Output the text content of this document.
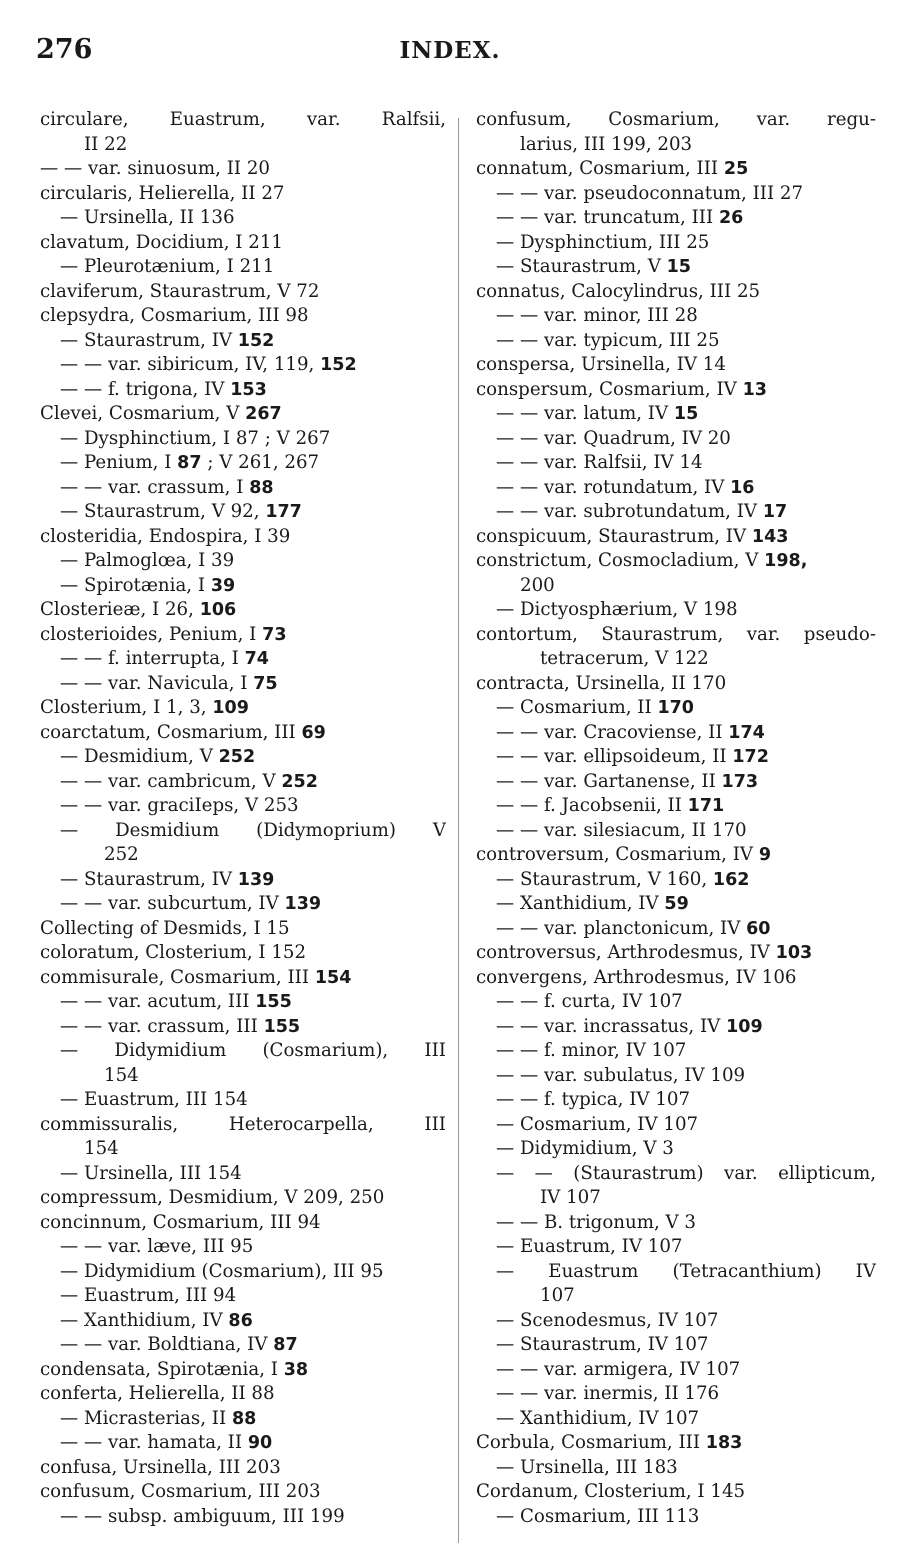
276	INDEX.
circulare, Euastrum, var. Ralfsii,
II 22
— — var. sinuosum, II 20
circularis, Helierella, II 27
— Ursinella, II 136
clavatum, Docidium, I 211
— Pleurotænium, I 211
claviferum, Staurastrum, V 72
clepsydra, Cosmarium, III 98
— Staurastrum, IV 152
— — var. sibiricum, IV, 119, 152
— — f. trigona, IV 153
Clevei, Cosmarium, V 267
— Dysphinctium, I 87 ; V 267
— Penium, I 87 ; V 261, 267
— — var. crassum, I 88
— Staurastrum, V 92, 177
closteridia, Endospira, I 39
— Palmoglœa, I 39
— Spirotænia, I 39
Closterieæ, I 26, 106
closterioides, Penium, I 73
— — f. interrupta, I 74
— — var. Navicula, I 75
Closterium, I 1, 3, 109
coarctatum, Cosmarium, III 69
— Desmidium, V 252
— — var. cambricum, V 252
— — var. graciIeps, V 253
— Desmidium (Didymoprium) V
252
— Staurastrum, IV 139
— — var. subcurtum, IV 139
Collecting of Desmids, I 15
coloratum, Closterium, I 152
commisurale, Cosmarium, III 154
— — var. acutum, III 155
— — var. crassum, III 155
— Didymidium (Cosmarium), III
154
— Euastrum, III 154
commissuralis, Heterocarpella, III
154
— Ursinella, III 154
compressum, Desmidium, V 209, 250
concinnum, Cosmarium, III 94
— — var. læve, III 95
— Didymidium (Cosmarium), III 95
— Euastrum, III 94
— Xanthidium, IV 86
— — var. Boldtiana, IV 87
condensata, Spirotænia, I 38
conferta, Helierella, II 88
— Micrasterias, II 88
— — var. hamata, II 90
confusa, Ursinella, III 203
confusum, Cosmarium, III 203
— — subsp. ambiguum, III 199
confusum, Cosmarium, var. regu-
larius, III 199, 203
connatum, Cosmarium, III 25
— — var. pseudoconnatum, III 27
— — var. truncatum, III 26
— Dysphinctium, III 25
— Staurastrum, V 15
connatus, Calocylindrus, III 25
— — var. minor, III 28
— — var. typicum, III 25
conspersa, Ursinella, IV 14
conspersum, Cosmarium, IV 13
— — var. latum, IV 15
— — var. Quadrum, IV 20
— — var. Ralfsii, IV 14
— — var. rotundatum, IV 16
— — var. subrotundatum, IV 17
conspicuum, Staurastrum, IV 143
constrictum, Cosmocladium, V 198,
200
— Dictyosphærium, V 198
contortum, Staurastrum, var. pseudo-
tetracerum, V 122
contracta, Ursinella, II 170
— Cosmarium, II 170
— — var. Cracoviense, II 174
— — var. ellipsoideum, II 172
— — var. Gartanense, II 173
— — f. Jacobsenii, II 171
— — var. silesiacum, II 170
controversum, Cosmarium, IV 9
— Staurastrum, V 160, 162
— Xanthidium, IV 59
— — var. planctonicum, IV 60
controversus, Arthrodesmus, IV 103
convergens, Arthrodesmus, IV 106
— — f. curta, IV 107
— — var. incrassatus, IV 109
— — f. minor, IV 107
— — var. subulatus, IV 109
— — f. typica, IV 107
— Cosmarium, IV 107
— Didymidium, V 3
— — (Staurastrum) var. ellipticum,
IV 107
— — B. trigonum, V 3
— Euastrum, IV 107
— Euastrum (Tetracanthium) IV
107
— Scenodesmus, IV 107
— Staurastrum, IV 107
— — var. armigera, IV 107
— — var. inermis, II 176
— Xanthidium, IV 107
Corbula, Cosmarium, III 183
— Ursinella, III 183
Cordanum, Closterium, I 145
— Cosmarium, III 113
